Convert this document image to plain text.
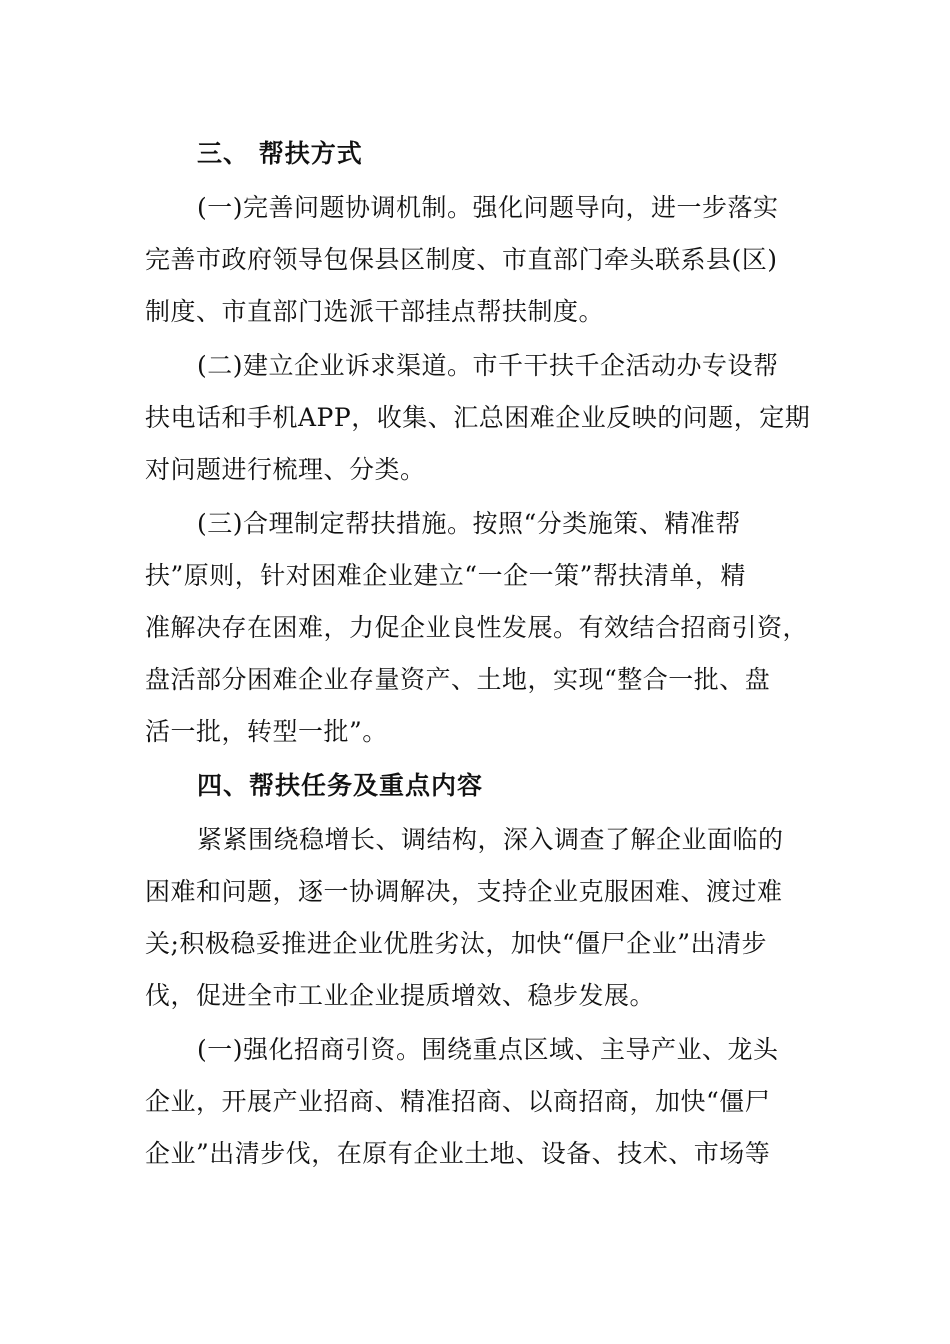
三、 帮扶方式
(一)完善问题协调机制。强化问题导向，进一步落实
完善市政府领导包保县区制度、市直部门牵头联系县(区)
制度、市直部门选派干部挂点帮扶制度。
(二)建立企业诉求渠道。市千干扶千企活动办专设帮
扶电话和手机APP，收集、汇总困难企业反映的问题，定期
对问题进行梳理、分类。
(三)合理制定帮扶措施。按照“分类施策、精准帮
扶”原则，针对困难企业建立“一企一策”帮扶清单，精
准解决存在困难，力促企业良性发展。有效结合招商引资，
盘活部分困难企业存量资产、土地，实现“整合一批、盘
活一批，转型一批”。
四、帮扶任务及重点内容
紧紧围绕稳增长、调结构，深入调查了解企业面临的
困难和问题，逐一协调解决，支持企业克服困难、渡过难
关;积极稳妥推进企业优胜劣汰，加快“僵尸企业”出清步
伐，促进全市工业企业提质增效、稳步发展。
(一)强化招商引资。围绕重点区域、主导产业、龙头
企业，开展产业招商、精准招商、以商招商，加快“僵尸
企业”出清步伐，在原有企业土地、设备、技术、市场等
